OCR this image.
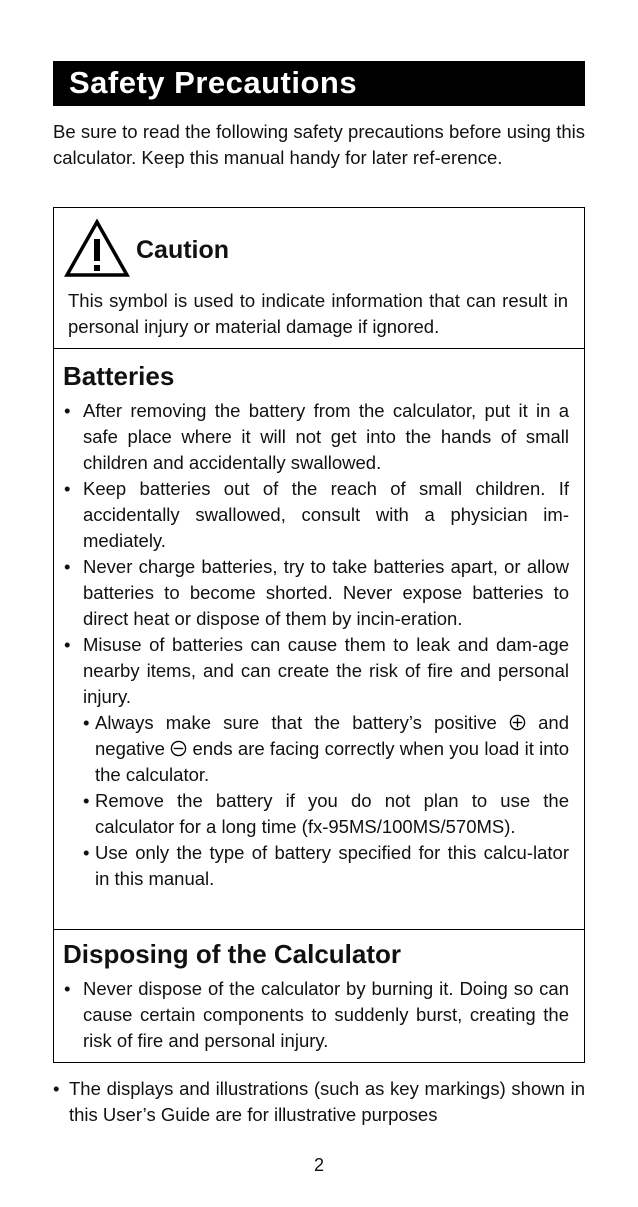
Safety Precautions
Be sure to read the following safety precautions before using this calculator. Keep this manual handy for later ref-erence.
Caution
This symbol is used to indicate information that can result in personal injury or material damage if ignored.
Batteries
• After removing the battery from the calculator, put it in a safe place where it will not get into the hands of small children and accidentally swallowed.
• Keep batteries out of the reach of small children. If accidentally swallowed, consult with a physician im-mediately.
• Never charge batteries, try to take batteries apart, or allow batteries to become shorted. Never expose batteries to direct heat or dispose of them by incin-eration.
• Misuse of batteries can cause them to leak and dam-age nearby items, and can create the risk of fire and personal injury.
• Always make sure that the battery’s positive and negative ends are facing correctly when you load it into the calculator.
• Remove the battery if you do not plan to use the calculator for a long time (fx-95MS/100MS/570MS).
• Use only the type of battery specified for this calcu-lator in this manual.
Disposing of the Calculator
• Never dispose of the calculator by burning it. Doing so can cause certain components to suddenly burst, creating the risk of fire and personal injury.
• The displays and illustrations (such as key markings) shown in this User’s Guide are for illustrative purposes
2
